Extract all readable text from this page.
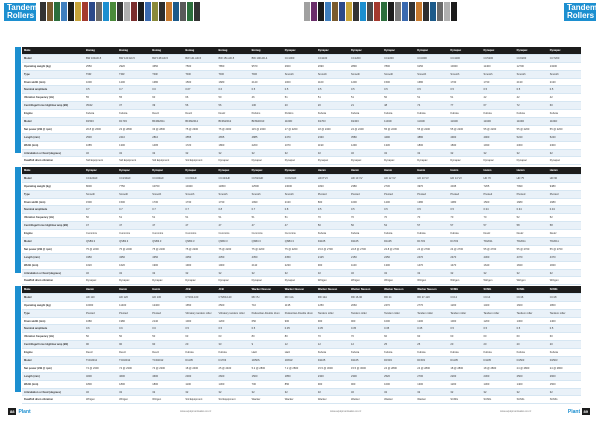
Tandem Rollers
Tandem Rollers
Make	Bomag	Bomag	Bomag	Bomag	Bomag	Bomag	Dynapac	Dynapac	Dynapac	Dynapac	Dynapac	Dynapac	Dynapac	Dynapac	Dynapac
Model	BW 100AD-5	BW 120 AD-5	BW 138 AD-5	BW 141 AD-5	BW 151 AD-5	BW 190 AD-4	CC1000	CC1100	CC1200	CC2200	CC3200	CC4200	CC5200	CC6200	CC7200
Operating weight (kg)	2550	2920	4650	7500	7850	9570	2600	2690	2890	7800	9150	10300	11400	12700	13200
Type	TDR	TDR	TDR	TDR	TDR	TDR	Smooth	Smooth	Smooth	Smooth	Smooth	Smooth	Smooth	Smooth	Smooth
Drum width (mm)	1000	1200	1380	1500	1680	2140	1000	1100	1200	1500	1680	1730	1730	2130	2130
Nominal amplitude	0.5	0.7	0.6	0.67	0.6	0.5	0.5	0.5	0.5	0.5	0.5	0.5	0.5	0.5	0.5
Vibration frequency (Hz)	55	55	60	66	50	46	51	51	51	50	51	51	42	42	42
Centrifugal force High/low amp (kN)	35/42	37	39	56	56	130	20	20	21	48	74	77	67	72	60
Engine	Kubota	Kubota	Deutz	Deutz	Deutz	Perkins	Perkins	Kubota	Kubota	Kubota	Kubota	Kubota	Kubota	Kubota	Kubota
Model	D1503	D1703	BF4M2011	BF4M2012	BF4M2012	BF6M2013	1103D	D1703	D2403	1104D	1104D	1104D	1104D	1104D	1104D
Net power (kW @ rpm)	20.8 @ 2600	23 @ 2800	33 @ 2800	75 @ 2300	75 @ 2300	115 @ 2300	17 @ 2200	18 @ 2400	24 @ 2400	55 @ 2200	55 @ 2200	55 @ 2200	55 @ 2200	55 @ 2200	55 @ 2200
Length (mm)	2530	2410	2810	4555	4655	4885	2470	2330	3580	4490	4880	4900	4900	5240	5240
Width (mm)	1085	1300	1495	1720	1860	2200	1070	1190	1290	1330	1800	1830	1930	2300	2300
Articulation or fixed (degrees)	32	32	32	32	32	32	32	32	32	32	32	32	32	32	32
Dual/full drum vibration	Std Equipment	Std Equipment	Std Equipment	Std Equipment	Dynapac	Dynapac	Dynapac	Dynapac	Dynapac	Dynapac	Dynapac	Dynapac	Dynapac	Dynapac	Dynapac
Make	Dynapac	Dynapac	Dynapac	Dynapac	Dynapac	Dynapac	Dynapac	Hamm	Hamm	Hamm	Hamm	Hamm	Hamm	Hamm	Hamm
Model	CC224HF	CC234HF	CC324HF	CC334HF	CC424HF	CC524HF	CC624HF	HD 8 VV	HD 10 VV	HD 12 VV	HD 13 VV	HD 14 VV	HD 70	HD 75	HD 90
Operating weight (kg)	8000	7750	10700	10400	11800	12500	13000	1820	2380	2730	3970	4045	7265	7990	9480
Type	Smooth	Smooth	Smooth	Smooth	Smooth	Smooth	Smooth	Pivoted	Pivoted	Pivoted	Pivoted	Pivoted	Pivoted	Pivoted	Pivoted
Drum width (mm)	1500	1500	1730	1730	1730	1990	2130	800	1000	1200	1380	1380	1500	1680	1680
Nominal amplitude	0.7	0.7	0.7	0.7	0.8	0.7	0.8	0.5	0.5	0.5	0.5	0.5	0.34	0.34	0.34
Vibration frequency (Hz)	50	51	51	51	51	51	51	70	70	70	70	70	70	52	52
Centrifugal force High/low amp (kN)	47	47	47	47	47	47	47	50	50	52	57	57	57	58	58
Engine	Cummins	Cummins	Cummins	Cummins	Cummins	Cummins	Cummins	Kubota	Kubota	Kubota	Kubota	Kubota	Deutz	Deutz	Deutz
Model	QSB3.3	QSB3.3	QSB3.3	QSB3.3	QSB3.3	QSB3.3	QSB3.3	D1105	D1105	D1105	D1703	D1703	TD2011	TD2011	TD2011
Net power (kW @ rpm)	75 @ 2200	75 @ 2200	75 @ 2200	75 @ 2200	75 @ 2200	75 @ 2200	75 @ 2200	15.6 @ 2700	22.8 @ 2700	22.8 @ 2700	24 @ 2700	24 @ 2700	55 @ 2700	55 @ 2700	55 @ 2700
Length (mm)	4350	4350	4350	4350	4350	4350	4350	2125	2150	2250	2470	2470	4300	4370	4370
Width (mm)	1620	1620	1900	1900	1900	2110	2230	900	1100	1300	1470	1470	1640	1840	1840
Articulation or fixed (degrees)	32	32	32	32	32	32	32	32	32	32	32	32	32	32	32
Dual/full drum vibration	Dynapac	Dynapac	Dynapac	Dynapac	Dynapac	Dynapac	Dynapac	Wirtgen	Wirtgen	Wirtgen	Wirtgen	Wirtgen	Wirtgen	Wirtgen	Wirtgen
Make	Hamm	Hamm	Hamm	JCB	JCB	Wacker Neuson	Wacker Neuson	Wacker Neuson	Wacker Neuson	Wacker Neuson	Wacker Neuson	SCMG	SCMG	SCMG	SCMG
Model	HD 110	HD 120	HD 130	CT160-100	CT260-120	RD 7H	RD 11A	RD 12A	RD 16-90	RD 24	RD 27-120	CC12	CC14	CC16	CC18
Operating weight (kg)	10000	11400	12400	1650	2500	710	1135	1250	2060	2470	2770	1200	1400	1600	1800
Type	Pivoted	Pivoted	Pivoted	Vibratory tandem roller	Vibratory tandem roller	Pedestrian-Double drum	Pedestrian-Double drum	Tandem roller	Tandem roller	Tandem roller	Tandem roller	Tandem roller	Tandem roller	Tandem roller	Tandem roller
Drum width (mm)	1680	1980	2140	1000	1200	650	900	900	900	1000	1200	1000	1200	1300	1400
Nominal amplitude	0.6	0.6	0.6	0.5	0.5	0.5	0.35	0.35	0.35	0.35	0.35	0.5	0.5	0.5	0.5
Vibration frequency (Hz)	50	50	50	63	63	80	80	70	70	60	60	60	60	60	60
Centrifugal force High/low amp (kN)	90	90	90	20	33	9	12	12	12	25	25	20	20	20	20
Engine	Deutz	Deutz	Deutz	Kubota	Kubota	Hatz	Hatz	Kubota	Kubota	Kubota	Kubota	Kubota	Kubota	Kubota	Kubota
Model	TCD2012	TCD2012	TCD2012	D1105	D1703	1D50S	1D81Z	D1105	D1105	D1503	D1503	D1105	D1105	D1503	D1503
Net power (kW @ rpm)	74 @ 2300	74 @ 2300	74 @ 2300	18 @ 2400	25 @ 2400	5.2 @ 2800	7.2 @ 2800	15.5 @ 3000	15.5 @ 3000	24 @ 2800	24 @ 2800	18 @ 2800	18 @ 2800	24 @ 2800	24 @ 2800
Length (mm)	4600	4600	4600	2300	2600	1500	1850	2300	2300	2520	2700	2200	2300	2500	2600
Width (mm)	1800	1800	1800	1100	1300	700	850	900	900	1000	1300	1200	1300	1400	1500
Articulation or fixed (degrees)	32	32	32	32	32	32	32	32	32	32	32	32	32	32	32
Dual/full drum vibration	Wirtgen	Wirtgen	Wirtgen	Std Equipment	Std Equipment	Wacker	Wacker	Wacker	Wacker	Wacker	Wacker	SCMG	SCMG	SCMG	SCMG
88 Plant	www.equipmentsales.co.nz	www.equipmentsales.co.nz	www.equipmentsales.co.nz	Plant 89
